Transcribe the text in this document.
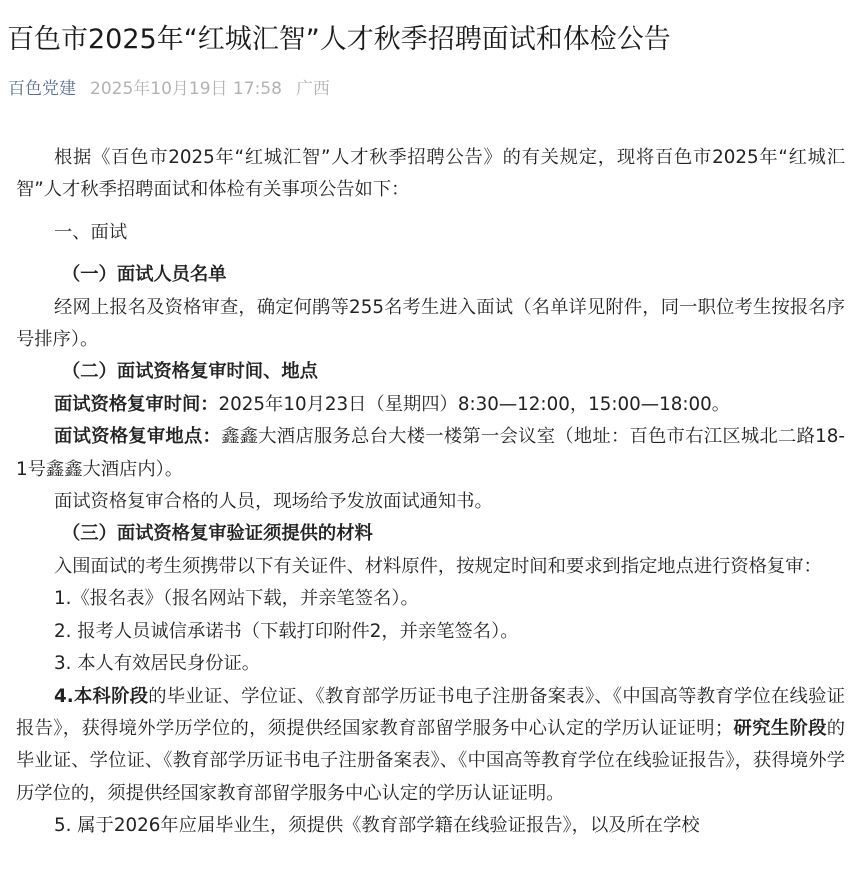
百色市2025年“红城汇智”人才秋季招聘面试和体检公告
百色党建 2025年10月19日 17:58 广西

根据《百色市2025年“红城汇智”人才秋季招聘公告》的有关规定，现将百色市2025年“红城汇智”人才秋季招聘面试和体检有关事项公告如下：

一、面试

（一）面试人员名单

经网上报名及资格审查，确定何鹃等255名考生进入面试（名单详见附件，同一职位考生按报名序号排序）。

（二）面试资格复审时间、地点

面试资格复审时间：2025年10月23日（星期四）8:30—12:00，15:00—18:00。

面试资格复审地点：鑫鑫大酒店服务总台大楼一楼第一会议室（地址：百色市右江区城北二路18-1号鑫鑫大酒店内）。

面试资格复审合格的人员，现场给予发放面试通知书。

（三）面试资格复审验证须提供的材料

入围面试的考生须携带以下有关证件、材料原件，按规定时间和要求到指定地点进行资格复审：

1.《报名表》（报名网站下载，并亲笔签名）。

2. 报考人员诚信承诺书（下载打印附件2，并亲笔签名）。

3. 本人有效居民身份证。

4.本科阶段的毕业证、学位证、《教育部学历证书电子注册备案表》、《中国高等教育学位在线验证报告》，获得境外学历学位的，须提供经国家教育部留学服务中心认定的学历认证证明；研究生阶段的毕业证、学位证、《教育部学历证书电子注册备案表》、《中国高等教育学位在线验证报告》，获得境外学历学位的，须提供经国家教育部留学服务中心认定的学历认证证明。

5. 属于2026年应届毕业生，须提供《教育部学籍在线验证报告》，以及所在学校
